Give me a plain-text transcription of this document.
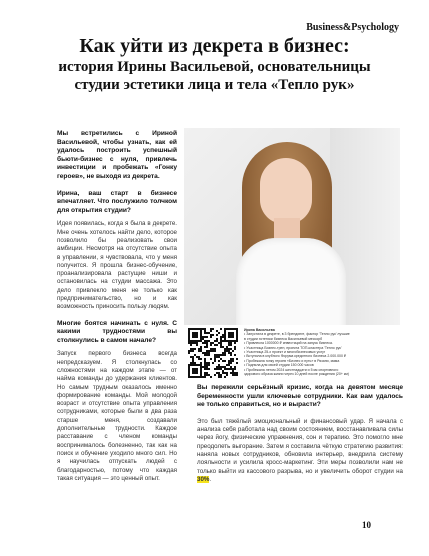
Business&Psychology
Как уйти из декрета в бизнес:
история Ирины Васильевой, основательницы
студии эстетики лица и тела «Тепло рук»

Мы встретились с Ириной Васильевой, чтобы узнать, как ей удалось построить успешный бьюти-бизнес с нуля, привлечь инвестиции и пробежать «Гонку героев», не выходя из декрета.

Ирина, ваш старт в бизнесе впечатляет. Что послужило толчком для открытия студии?

Идея появилась, когда я была в декрете. Мне очень хотелось найти дело, которое позволило бы реализовать свои амбиции. Несмотря на отсутствие опыта в управлении, я чувствовала, что у меня получится. Я прошла бизнес-обучение, проанализировала растущие ниши и остановилась на студии массажа. Это дело привлекло меня не только как предпринимательство, но и как возможность приносить пользу людям.

Многие боятся начинать с нуля. С какими трудностями вы столкнулись в самом начале?

Запуск первого бизнеса всегда непредсказуем. Я столкнулась со сложностями на каждом этапе — от найма команды до удержания клиентов. Но самым трудным оказалось именно формирование команды. Мой молодой возраст и отсутствие опыта управления сотрудниками, которые были в два раза старше меня, создавали дополнительные трудности. Каждое расставание с членом команды воспринималось болезненно, так как на поиск и обучение уходило много сил. Но я научилась отпускать людей с благодарностью, потому что каждая такая ситуация — это ценный опыт.

Ирина Васильева
• Запустила в декрете, в 3 брендинге, фактор 'Тепло рук' лучшие
в студии эстетики бизнеса Васильевой мессорб
• Привлекла 1000000 ₽ инвестиций на запуск бизнеса.
• Участница Бизнес-трен, проекта ТОП-кластера 'Тепло рук'
• Участница 25-х проект и многобизнесовых услуг
• Вступила в клубного Форума кредитного бизнеса 2.000.000 ₽
• Пробежала гонку героев «Бизнес и путь» в Рязани, мама
• Подняла для своей студии 150 000 часов
• Пробежала летом 2024 шестнадцати и 5 км спортивного
здорового образа жизни через 10 дней после рождения (20+ км)

Вы пережили серьёзный кризис, когда на девятом месяце беременности ушли ключевые сотрудники. Как вам удалось не только справиться, но и вырасти?

Это был тяжёлый эмоциональный и финансовый удар. Я начала с анализа себя работала над своим состоянием, восстанавливала силы через йогу, физические упражнения, сон и терапию. Это помогло мне преодолеть выгорание. Затем я составила чёткую стратегию развития: наняла новых сотрудников, обновила интерьер, внедрила систему лояльности и усилила кросс-маркетинг. Эти меры позволили нам не только выйти из кассового разрыва, но и увеличить оборот студии на 30%.

10
